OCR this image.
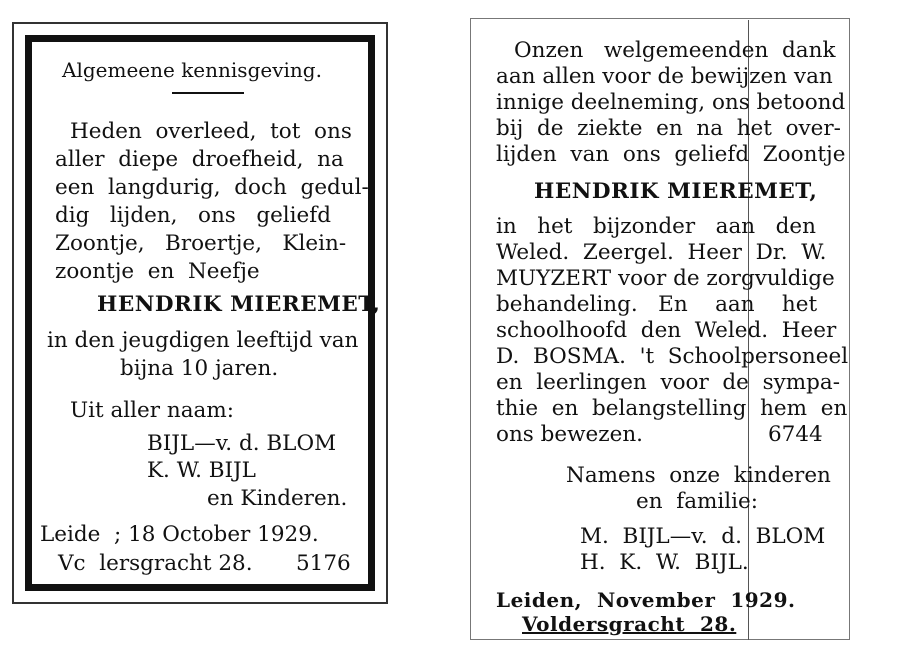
Algemeene kennisgeving.
Heden  overleed,  tot  ons
aller  diepe  droefheid,  na
een  langdurig,  doch  gedul-
dig   lijden,   ons   geliefd
Zoontje,   Broertje,   Klein-
zoontje  en  Neefje
HENDRIK MIEREMET,
in den jeugdigen leeftijd van
bijna 10 jaren.
Uit aller naam:
BIJL—v. d. BLOM
K. W. BIJL
en Kinderen.
Leide  ; 18 October 1929.
Vc  lersgracht 28. 5176
Onzen   welgemeenden  dank
aan allen voor de bewijzen van
innige deelneming, ons betoond
bij  de  ziekte  en  na  het  over-
lijden  van  ons  geliefd  Zoontje
HENDRIK MIEREMET,
in   het   bijzonder   aan   den
Weled.  Zeergel.  Heer  Dr.  W.
MUYZERT voor de zorgvuldige
behandeling.   En    aan    het
schoolhoofd  den  Weled.  Heer
D.  BOSMA.  't  Schoolpersoneel
en  leerlingen  voor  de  sympa-
thie  en  belangstelling  hem  en
ons bewezen.	6744
Namens  onze  kinderen
en  familie:
M.  BIJL—v.  d.  BLOM
H.  K.  W.  BIJL.
Leiden,  November  1929.
Voldersgracht  28.
